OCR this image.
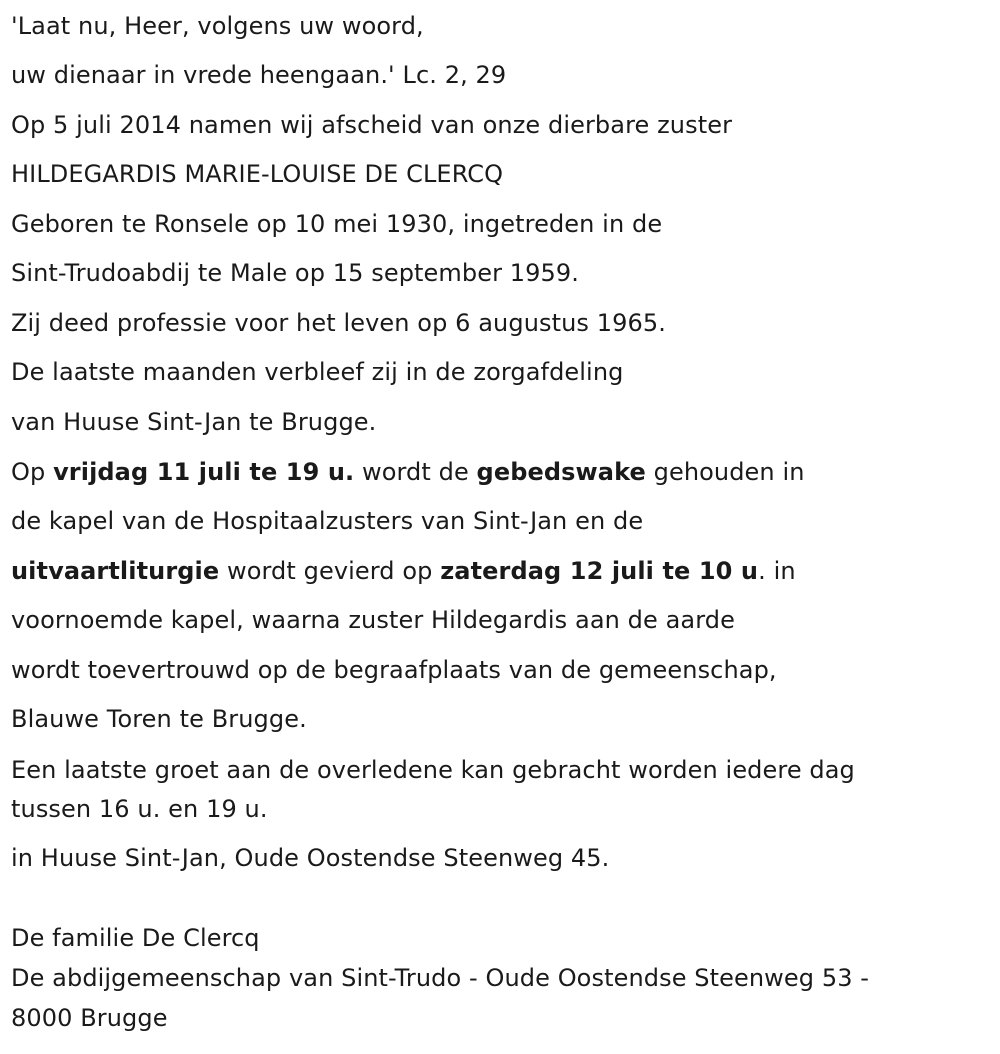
'Laat nu, Heer, volgens uw woord,
uw dienaar in vrede heengaan.' Lc. 2, 29
Op 5 juli 2014 namen wij afscheid van onze dierbare zuster
HILDEGARDIS MARIE-LOUISE DE CLERCQ
Geboren te Ronsele op 10 mei 1930, ingetreden in de
Sint-Trudoabdij te Male op 15 september 1959.
Zij deed professie voor het leven op 6 augustus 1965.
De laatste maanden verbleef zij in de zorgafdeling
van Huuse Sint-Jan te Brugge.
Op vrijdag 11 juli te 19 u. wordt de gebedswake gehouden in
de kapel van de Hospitaalzusters van Sint-Jan en de
uitvaartliturgie wordt gevierd op zaterdag 12 juli te 10 u. in
voornoemde kapel, waarna zuster Hildegardis aan de aarde
wordt toevertrouwd op de begraafplaats van de gemeenschap,
Blauwe Toren te Brugge.
Een laatste groet aan de overledene kan gebracht worden iedere dag
tussen 16 u. en 19 u.
in Huuse Sint-Jan, Oude Oostendse Steenweg 45.
De familie De Clercq
De abdijgemeenschap van Sint-Trudo - Oude Oostendse Steenweg 53 -
8000 Brugge
